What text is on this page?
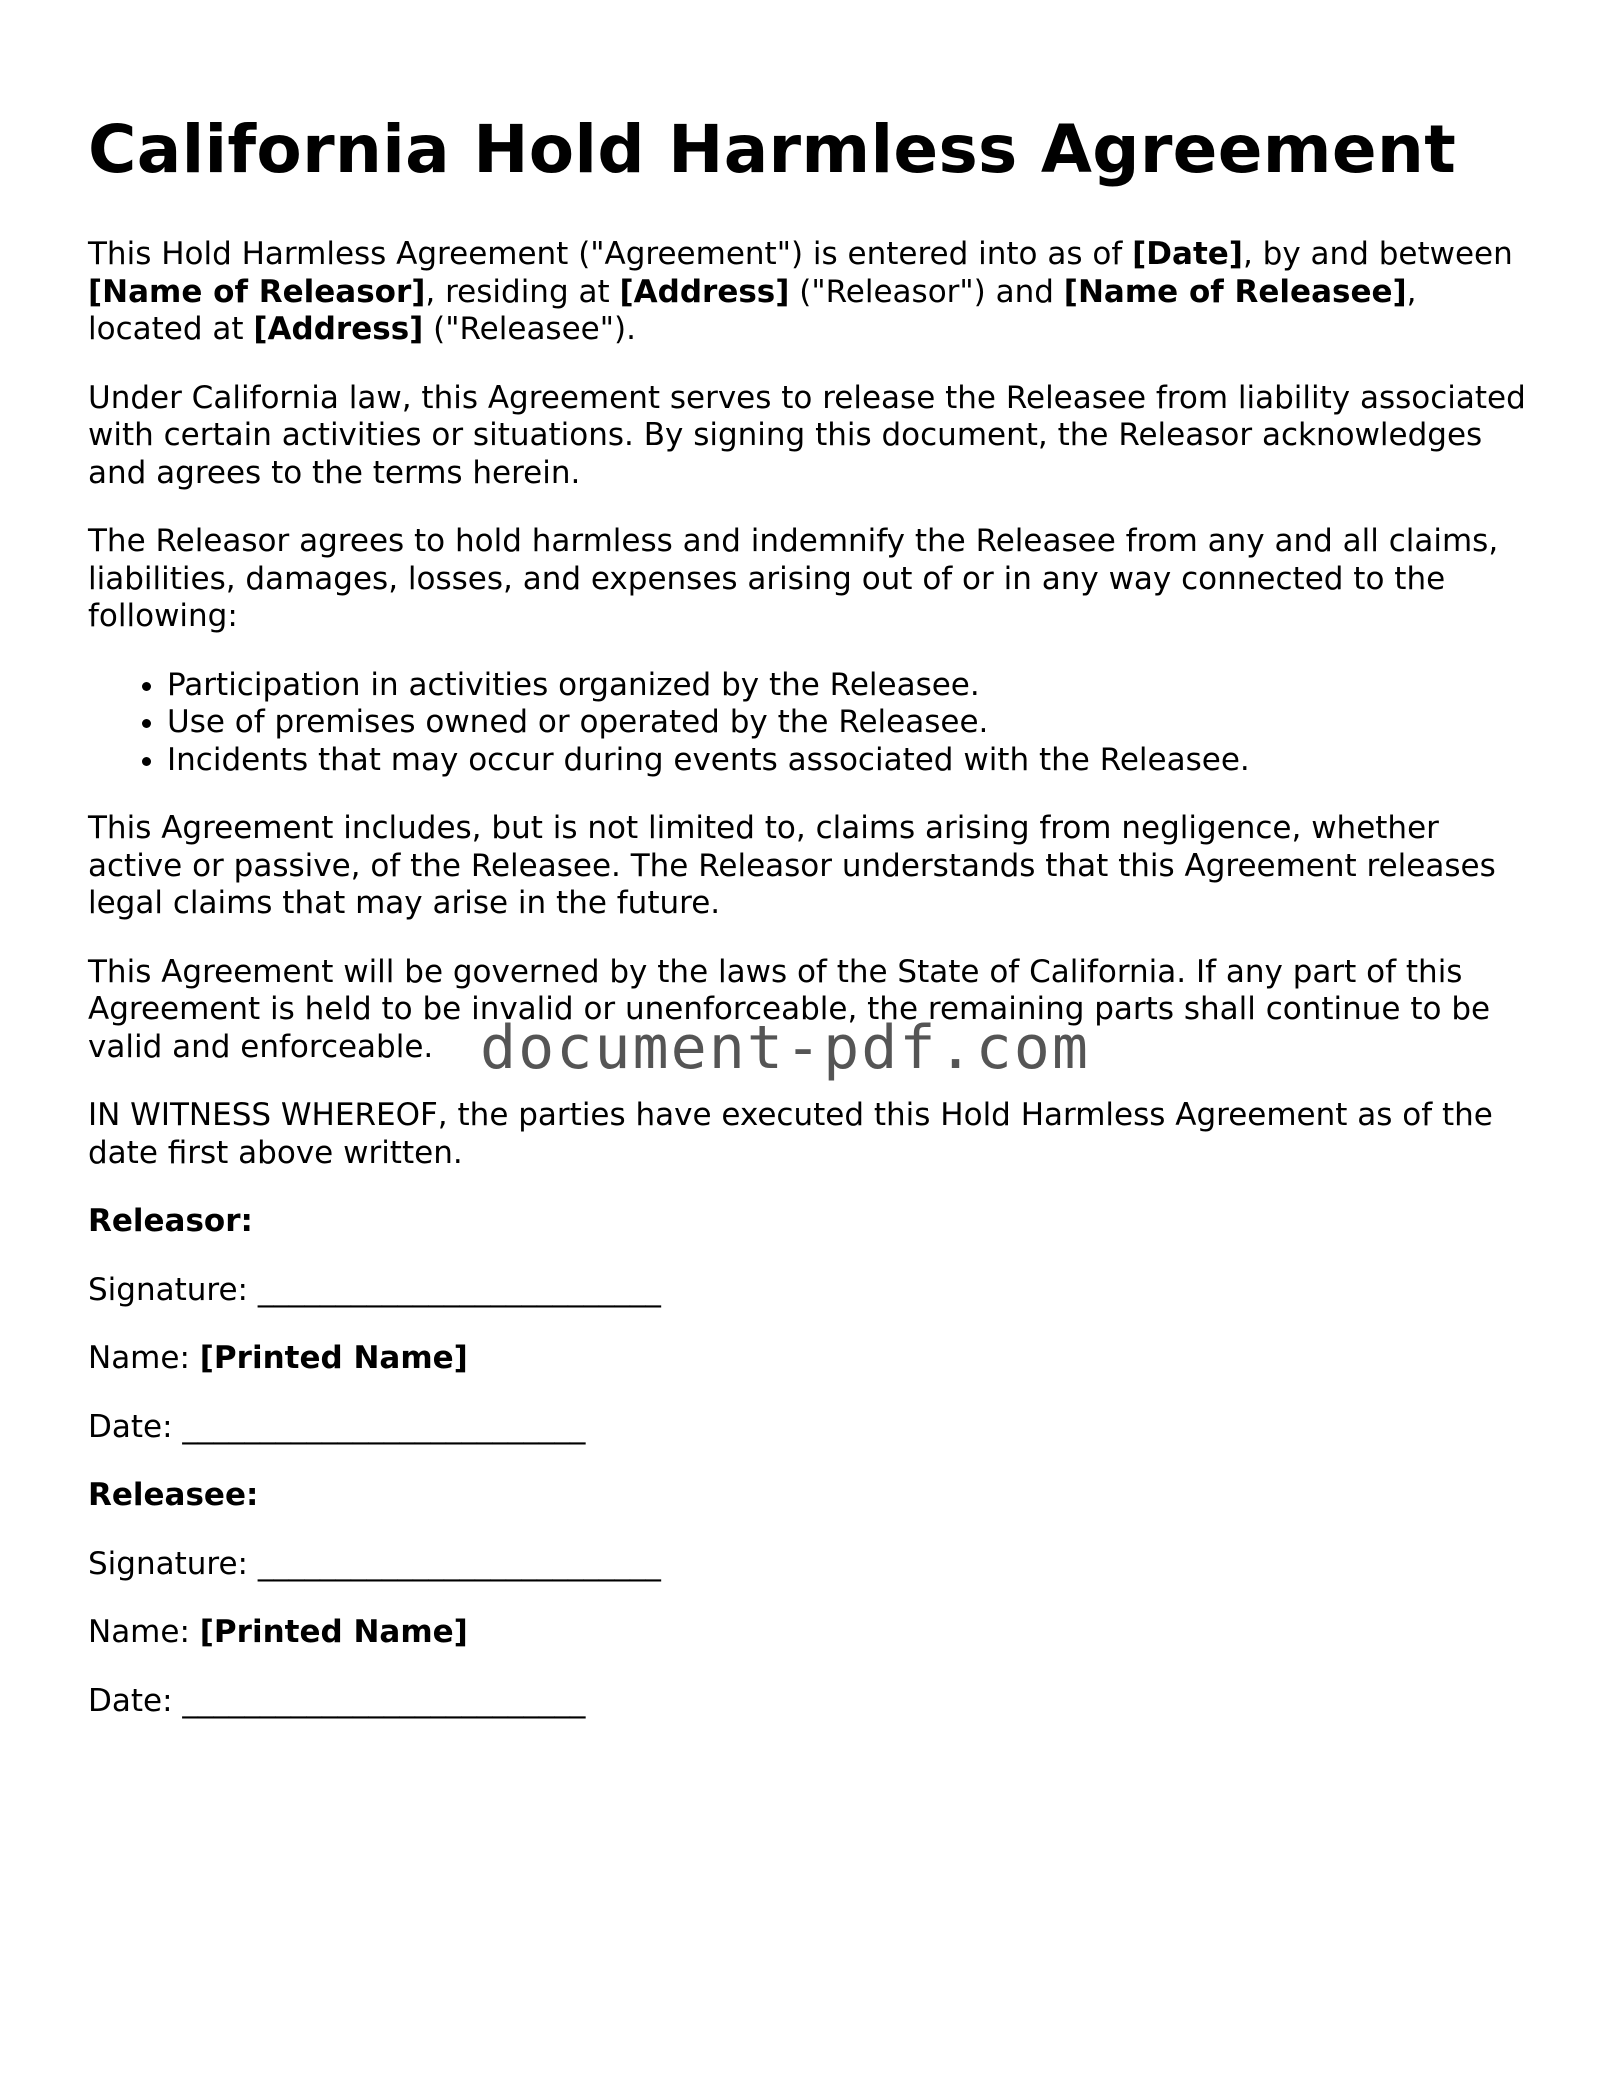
California Hold Harmless Agreement

This Hold Harmless Agreement ("Agreement") is entered into as of [Date], by and between [Name of Releasor], residing at [Address] ("Releasor") and [Name of Releasee], located at [Address] ("Releasee").

Under California law, this Agreement serves to release the Releasee from liability associated with certain activities or situations. By signing this document, the Releasor acknowledges and agrees to the terms herein.

The Releasor agrees to hold harmless and indemnify the Releasee from any and all claims, liabilities, damages, losses, and expenses arising out of or in any way connected to the following:

• Participation in activities organized by the Releasee.
• Use of premises owned or operated by the Releasee.
• Incidents that may occur during events associated with the Releasee.

This Agreement includes, but is not limited to, claims arising from negligence, whether active or passive, of the Releasee. The Releasor understands that this Agreement releases legal claims that may arise in the future.

This Agreement will be governed by the laws of the State of California. If any part of this Agreement is held to be invalid or unenforceable, the remaining parts shall continue to be valid and enforceable.

IN WITNESS WHEREOF, the parties have executed this Hold Harmless Agreement as of the date first above written.

Releasor:

Signature: __________________________

Name: [Printed Name]

Date: __________________________

Releasee:

Signature: __________________________

Name: [Printed Name]

Date: __________________________

document-pdf.com
